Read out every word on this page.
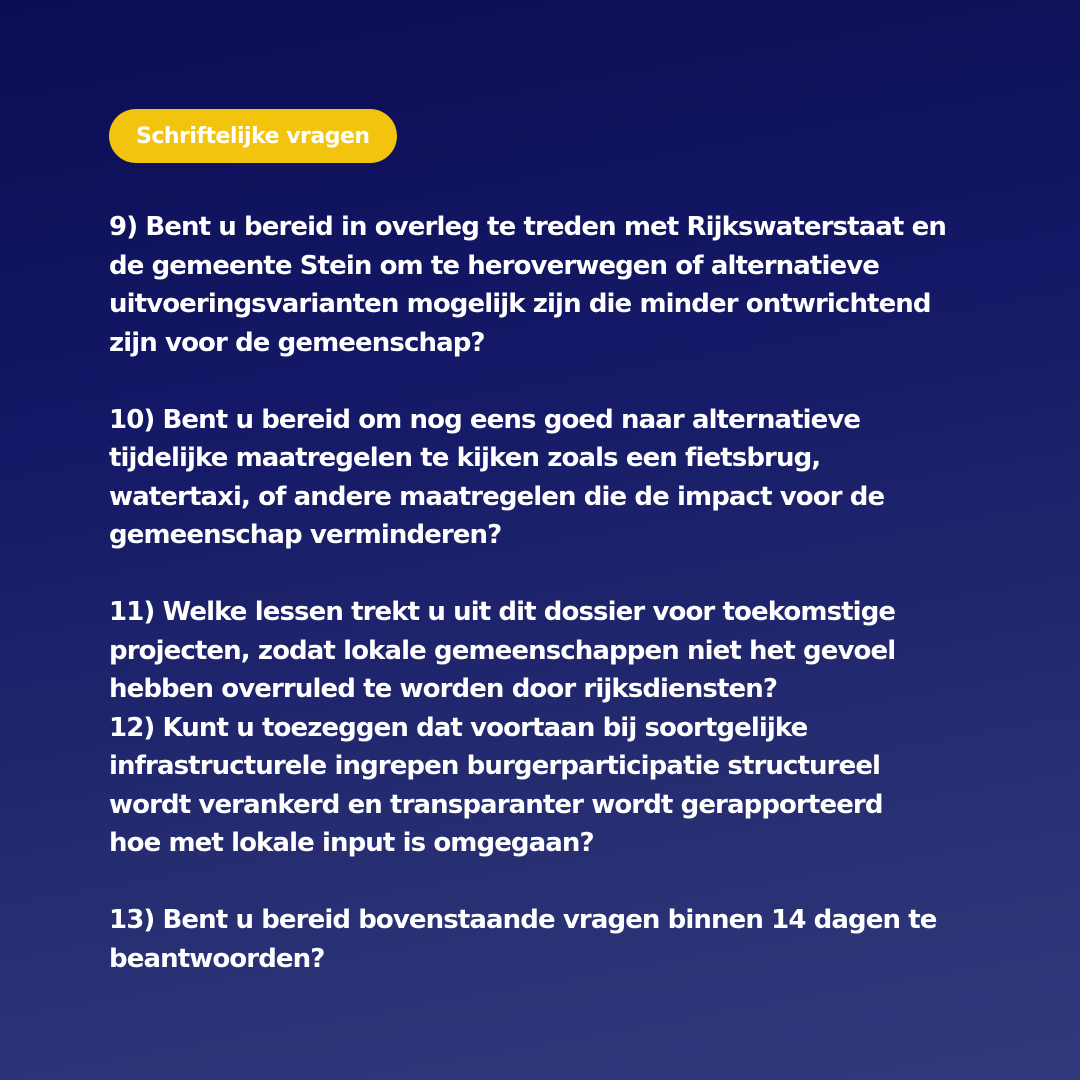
Schriftelijke vragen
9) Bent u bereid in overleg te treden met Rijkswaterstaat en
de gemeente Stein om te heroverwegen of alternatieve
uitvoeringsvarianten mogelijk zijn die minder ontwrichtend
zijn voor de gemeenschap?
10) Bent u bereid om nog eens goed naar alternatieve
tijdelijke maatregelen te kijken zoals een fietsbrug,
watertaxi, of andere maatregelen die de impact voor de
gemeenschap verminderen?
11) Welke lessen trekt u uit dit dossier voor toekomstige
projecten, zodat lokale gemeenschappen niet het gevoel
hebben overruled te worden door rijksdiensten?
12) Kunt u toezeggen dat voortaan bij soortgelijke
infrastructurele ingrepen burgerparticipatie structureel
wordt verankerd en transparanter wordt gerapporteerd
hoe met lokale input is omgegaan?
13) Bent u bereid bovenstaande vragen binnen 14 dagen te
beantwoorden?
